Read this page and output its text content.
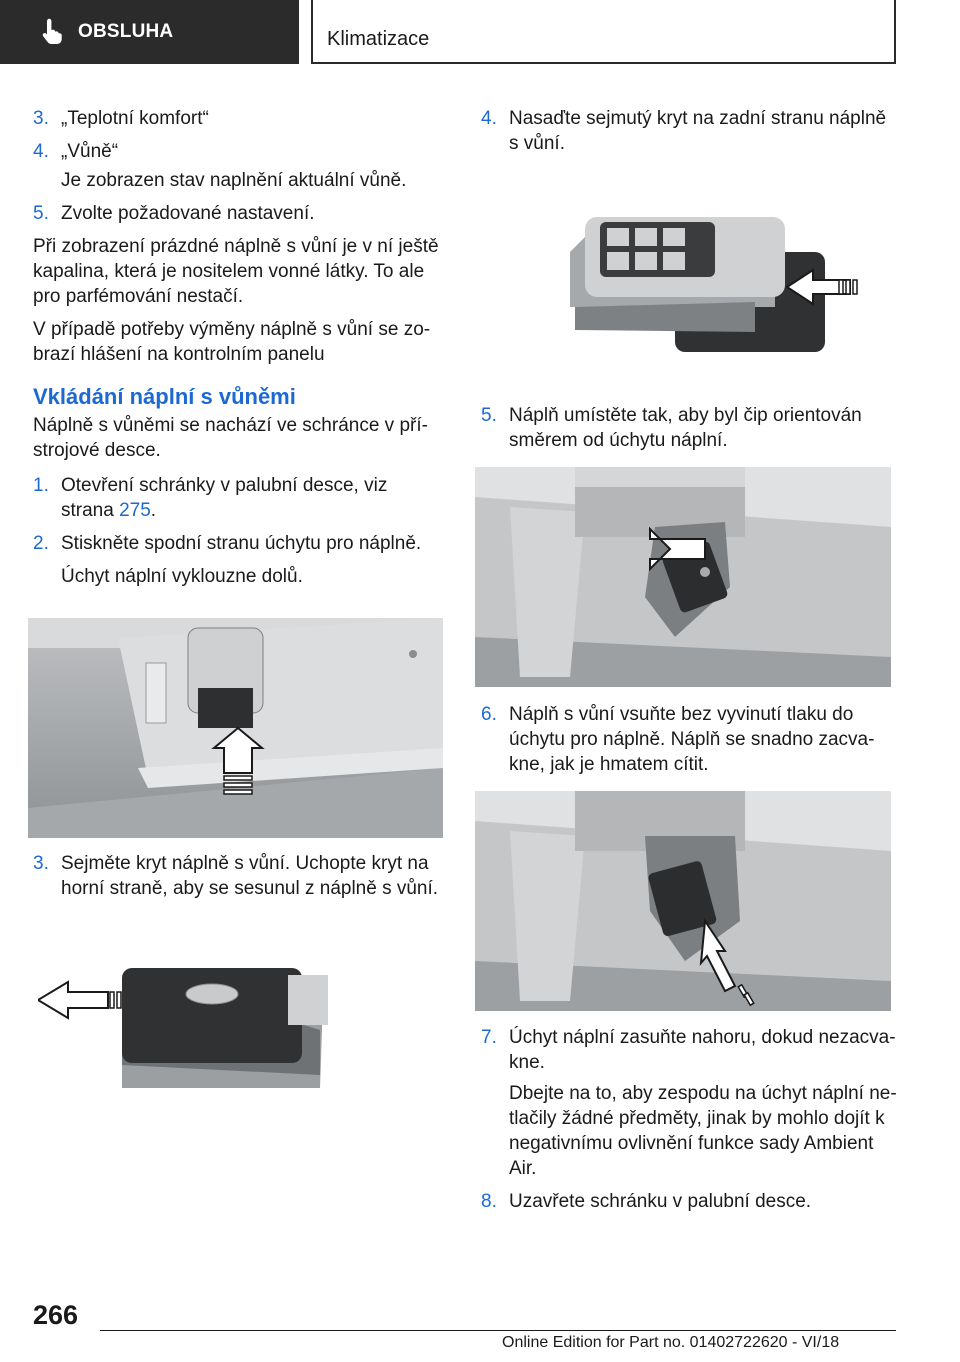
OBSLUHA	Klimatizace
3. „Teplotní komfort“
4. „Vůně“
Je zobrazen stav naplnění aktuální vůně.
5. Zvolte požadované nastavení.
Při zobrazení prázdné náplně s vůní je v ní ještě
kapalina, která je nositelem vonné látky. To ale
pro parfémování nestačí.
V případě potřeby výměny náplně s vůní se zo-
brazí hlášení na kontrolním panelu
Vkládání náplní s vůněmi
Náplně s vůněmi se nachází ve schránce v pří-
strojové desce.
1. Otevření schránky v palubní desce, viz
strana 275.
2. Stiskněte spodní stranu úchytu pro náplně.
Úchyt náplní vyklouzne dolů.
3. Sejměte kryt náplně s vůní. Uchopte kryt na
horní straně, aby se sesunul z náplně s vůní.
4. Nasaďte sejmutý kryt na zadní stranu náplně
s vůní.
5. Náplň umístěte tak, aby byl čip orientován
směrem od úchytu náplní.
6. Náplň s vůní vsuňte bez vyvinutí tlaku do
úchytu pro náplně. Náplň se snadno zacva-
kne, jak je hmatem cítit.
7. Úchyt náplní zasuňte nahoru, dokud nezacva-
kne.
Dbejte na to, aby zespodu na úchyt náplní ne-
tlačily žádné předměty, jinak by mohlo dojít k
negativnímu ovlivnění funkce sady Ambient
Air.
8. Uzavřete schránku v palubní desce.
266
Online Edition for Part no. 01402722620 - VI/18
